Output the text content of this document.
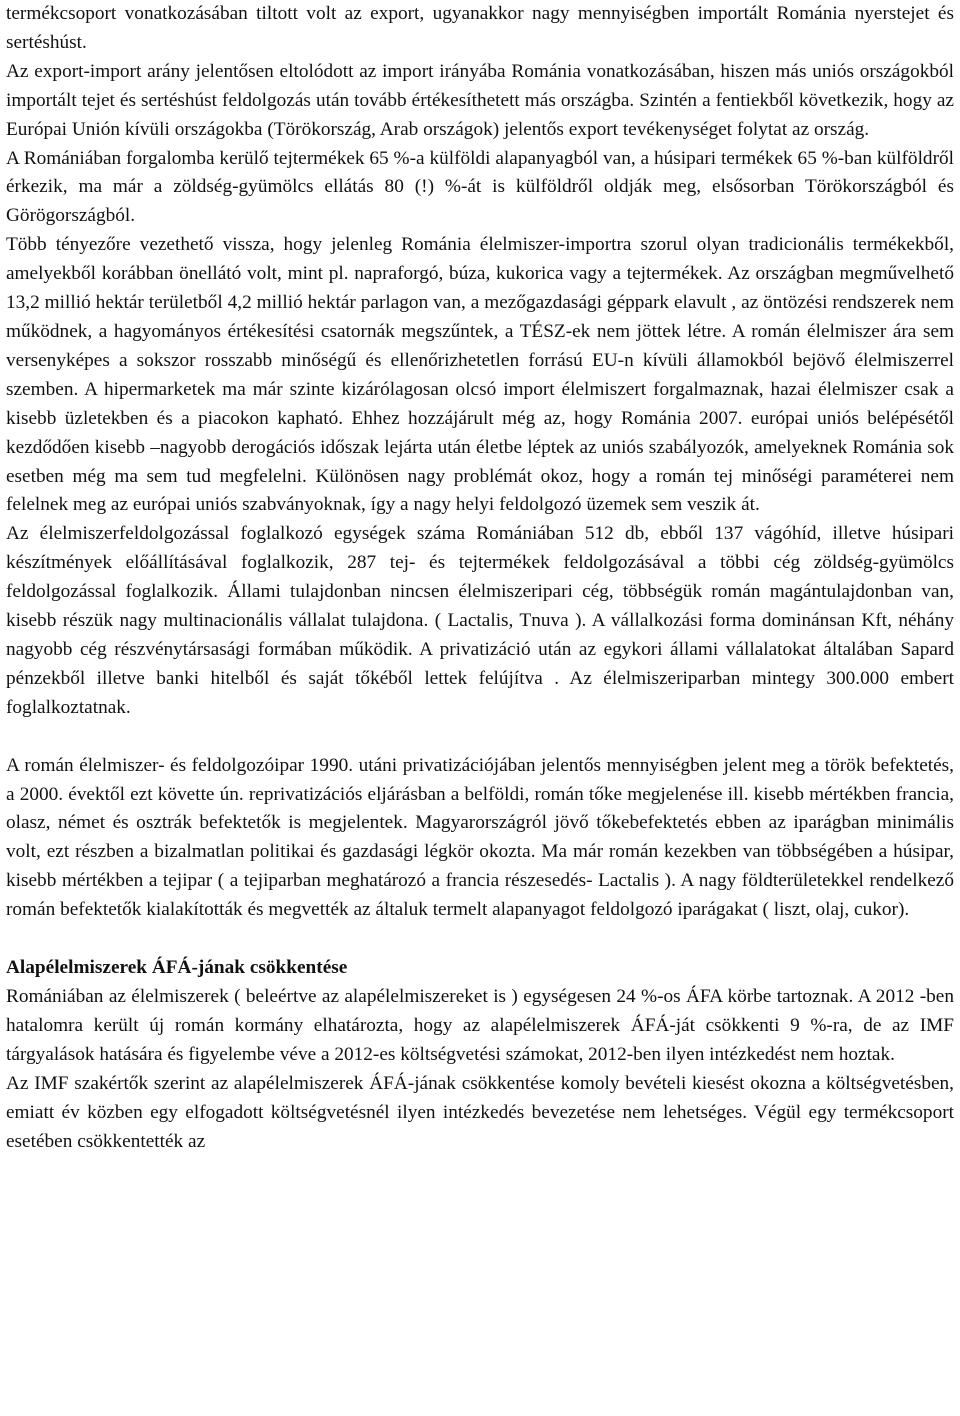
termékcsoport vonatkozásában tiltott volt az export, ugyanakkor nagy mennyiségben importált Románia nyerstejet és sertéshúst.

Az export-import arány jelentősen eltolódott az import irányába Románia vonatkozásában, hiszen más uniós országokból importált tejet és sertéshúst feldolgozás után tovább értékesíthetett más országba. Szintén a fentiekből következik, hogy az Európai Unión kívüli országokba (Törökország, Arab országok) jelentős export tevékenységet folytat az ország.

A Romániában forgalomba kerülő tejtermékek 65 %-a külföldi alapanyagból van, a húsipari termékek 65 %-ban külföldről érkezik, ma már a zöldség-gyümölcs ellátás 80 (!) %-át is külföldről oldják meg, elsősorban Törökországból és Görögországból.

Több tényezőre vezethető vissza, hogy jelenleg Románia élelmiszer-importra szorul olyan tradicionális termékekből, amelyekből korábban önellátó volt, mint pl. napraforgó, búza, kukorica vagy a tejtermékek. Az országban megművelhető 13,2 millió hektár területből 4,2 millió hektár parlagon van, a mezőgazdasági géppark elavult , az öntözési rendszerek nem működnek, a hagyományos értékesítési csatornák megszűntek, a TÉSZ-ek nem jöttek létre. A román élelmiszer ára sem versenyképes a sokszor rosszabb minőségű és ellenőrizhetetlen forrású EU-n kívüli államokból bejövő élelmiszerrel szemben. A hipermarketek ma már szinte kizárólagosan olcsó import élelmiszert forgalmaznak, hazai élelmiszer csak a kisebb üzletekben és a piacokon kapható. Ehhez hozzájárult még az, hogy Románia 2007. európai uniós belépésétől kezdődően kisebb –nagyobb derogációs időszak lejárta után életbe léptek az uniós szabályozók, amelyeknek Románia sok esetben még ma sem tud megfelelni. Különösen nagy problémát okoz, hogy a román tej minőségi paraméterei nem felelnek meg az európai uniós szabványoknak, így a nagy helyi feldolgozó üzemek sem veszik át.

Az élelmiszerfeldolgozással foglalkozó egységek száma Romániában 512 db, ebből 137 vágóhíd, illetve húsipari készítmények előállításával foglalkozik, 287 tej- és tejtermékek feldolgozásával a többi cég zöldség-gyümölcs feldolgozással foglalkozik. Állami tulajdonban nincsen élelmiszeripari cég, többségük román magántulajdonban van, kisebb részük nagy multinacionális vállalat tulajdona. ( Lactalis, Tnuva ). A vállalkozási forma dominánsan Kft, néhány nagyobb cég részvénytársasági formában működik. A privatizáció után az egykori állami vállalatokat általában Sapard pénzekből illetve banki hitelből és saját tőkéből lettek felújítva . Az élelmiszeriparban mintegy 300.000 embert foglalkoztatnak.

A román élelmiszer- és feldolgozóipar 1990. utáni privatizációjában jelentős mennyiségben jelent meg a török befektetés, a 2000. évektől ezt követte ún. reprivatizációs eljárásban a belföldi, román tőke megjelenése ill. kisebb mértékben francia, olasz, német és osztrák befektetők is megjelentek. Magyarországról jövő tőkebefektetés ebben az iparágban minimális volt, ezt részben a bizalmatlan politikai és gazdasági légkör okozta. Ma már román kezekben van többségében a húsipar, kisebb mértékben a tejipar ( a tejiparban meghatározó a francia részesedés- Lactalis ). A nagy földterületekkel rendelkező román befektetők kialakították és megvették az általuk termelt alapanyagot feldolgozó iparágakat ( liszt, olaj, cukor).

Alapélelmiszerek ÁFÁ-jának csökkentése

Romániában az élelmiszerek ( beleértve az alapélelmiszereket is ) egységesen 24 %-os ÁFA körbe tartoznak. A 2012 -ben hatalomra került új román kormány elhatározta, hogy az alapélelmiszerek ÁFÁ-ját csökkenti 9 %-ra, de az IMF tárgyalások hatására és figyelembe véve a 2012-es költségvetési számokat, 2012-ben ilyen intézkedést nem hoztak.

Az IMF szakértők szerint az alapélelmiszerek ÁFÁ-jának csökkentése komoly bevételi kiesést okozna a költségvetésben, emiatt év közben egy elfogadott költségvetésnél ilyen intézkedés bevezetése nem lehetséges. Végül egy termékcsoport esetében csökkentették az
